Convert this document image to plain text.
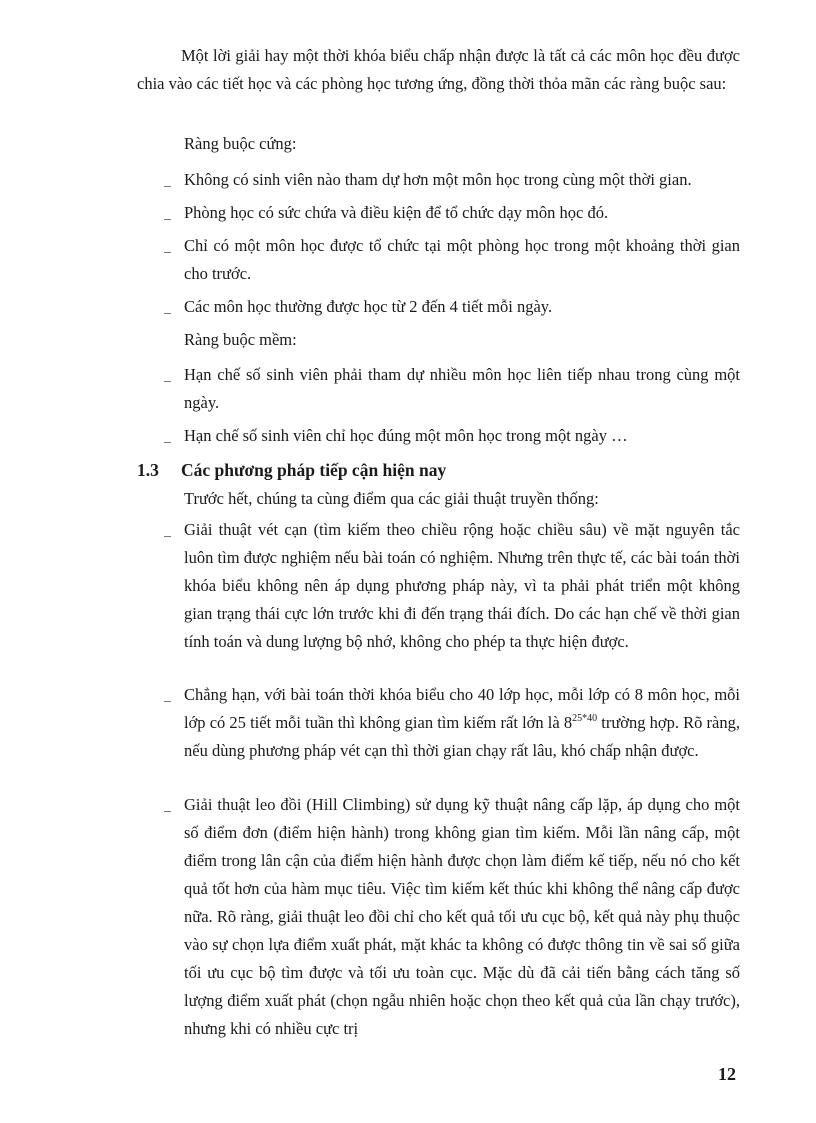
Một lời giải hay một thời khóa biểu chấp nhận được là tất cả các môn học đều được chia vào các tiết học và các phòng học tương ứng, đồng thời thỏa mãn các ràng buộc sau:

Ràng buộc cứng:

Không có sinh viên nào tham dự hơn một môn học trong cùng một thời gian.
Phòng học có sức chứa và điều kiện để tổ chức dạy môn học đó.
Chỉ có một môn học được tổ chức tại một phòng học trong một khoảng thời gian cho trước.
Các môn học thường được học từ 2 đến 4 tiết mỗi ngày.

Ràng buộc mềm:

Hạn chế số sinh viên phải tham dự nhiều môn học liên tiếp nhau trong cùng một ngày.
Hạn chế số sinh viên chỉ học đúng một môn học trong một ngày …

1.3 Các phương pháp tiếp cận hiện nay

Trước hết, chúng ta cùng điểm qua các giải thuật truyền thống:

Giải thuật vét cạn (tìm kiếm theo chiều rộng hoặc chiều sâu) về mặt nguyên tắc luôn tìm được nghiệm nếu bài toán có nghiệm. Nhưng trên thực tế, các bài toán thời khóa biểu không nên áp dụng phương pháp này, vì ta phải phát triển một không gian trạng thái cực lớn trước khi đi đến trạng thái đích. Do các hạn chế về thời gian tính toán và dung lượng bộ nhớ, không cho phép ta thực hiện được.
Chẳng hạn, với bài toán thời khóa biểu cho 40 lớp học, mỗi lớp có 8 môn học, mỗi lớp có 25 tiết mỗi tuần thì không gian tìm kiếm rất lớn là $8^{25*40}$ trường hợp. Rõ ràng, nếu dùng phương pháp vét cạn thì thời gian chạy rất lâu, khó chấp nhận được.
Giải thuật leo đồi (Hill Climbing) sử dụng kỹ thuật nâng cấp lặp, áp dụng cho một số điểm đơn (điểm hiện hành) trong không gian tìm kiếm. Mỗi lần nâng cấp, một điểm trong lân cận của điểm hiện hành được chọn làm điểm kế tiếp, nếu nó cho kết quả tốt hơn của hàm mục tiêu. Việc tìm kiếm kết thúc khi không thể nâng cấp được nữa. Rõ ràng, giải thuật leo đồi chỉ cho kết quả tối ưu cục bộ, kết quả này phụ thuộc vào sự chọn lựa điểm xuất phát, mặt khác ta không có được thông tin về sai số giữa tối ưu cục bộ tìm được và tối ưu toàn cục. Mặc dù đã cải tiến bằng cách tăng số lượng điểm xuất phát (chọn ngẫu nhiên hoặc chọn theo kết quả của lần chạy trước), nhưng khi có nhiều cực trị

12
